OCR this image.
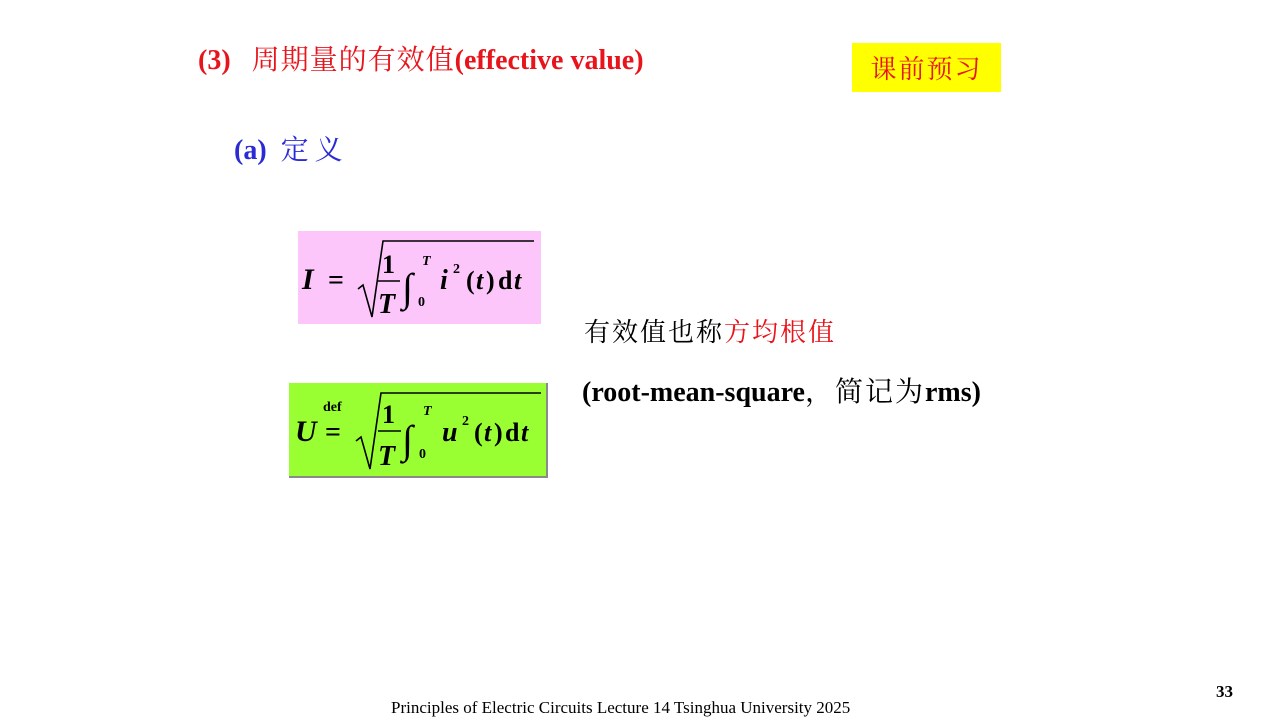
(3) 周期量的有效值(effective value)	课前预习
(a) 定义
I =
1
T ∫
T
0
i 2 ( t ) d t
U
def
=
1
T ∫
T
0
u 2 ( t ) d t
有效值也称方均根值
(root-mean-square，简记为rms)
Principles of Electric Circuits Lecture 14 Tsinghua University 2025
33
